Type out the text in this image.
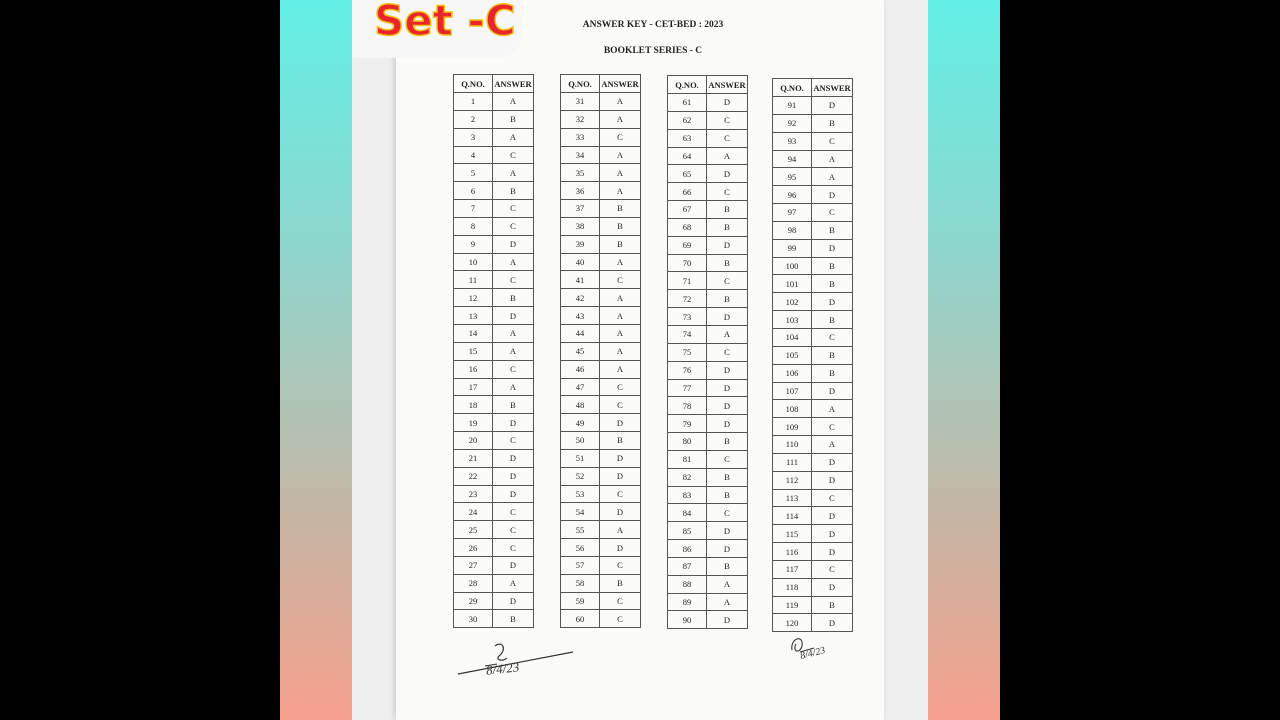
Set -C	ANSWER KEY - CET-BED : 2023
BOOKLET SERIES - C
Q.NO.	ANSWER
1	A
2	B
3	A
4	C
5	A
6	B
7	C
8	C
9	D
10	A
11	C
12	B
13	D
14	A
15	A
16	C
17	A
18	B
19	D
20	C
21	D
22	D
23	D
24	C
25	C
26	C
27	D
28	A
29	D
30	B
Q.NO.	ANSWER
31	A
32	A
33	C
34	A
35	A
36	A
37	B
38	B
39	B
40	A
41	C
42	A
43	A
44	A
45	A
46	A
47	C
48	C
49	D
50	B
51	D
52	D
53	C
54	D
55	A
56	D
57	C
58	B
59	C
60	C
Q.NO.	ANSWER
61	D
62	C
63	C
64	A
65	D
66	C
67	B
68	B
69	D
70	B
71	C
72	B
73	D
74	A
75	C
76	D
77	D
78	D
79	D
80	B
81	C
82	B
83	B
84	C
85	D
86	D
87	B
88	A
89	A
90	D
Q.NO.	ANSWER
91	D
92	B
93	C
94	A
95	A
96	D
97	C
98	B
99	D
100	B
101	B
102	D
103	B
104	C
105	B
106	B
107	D
108	A
109	C
110	A
111	D
112	D
113	C
114	D
115	D
116	D
117	C
118	D
119	B
120	D
8/4/23
8/4/23
